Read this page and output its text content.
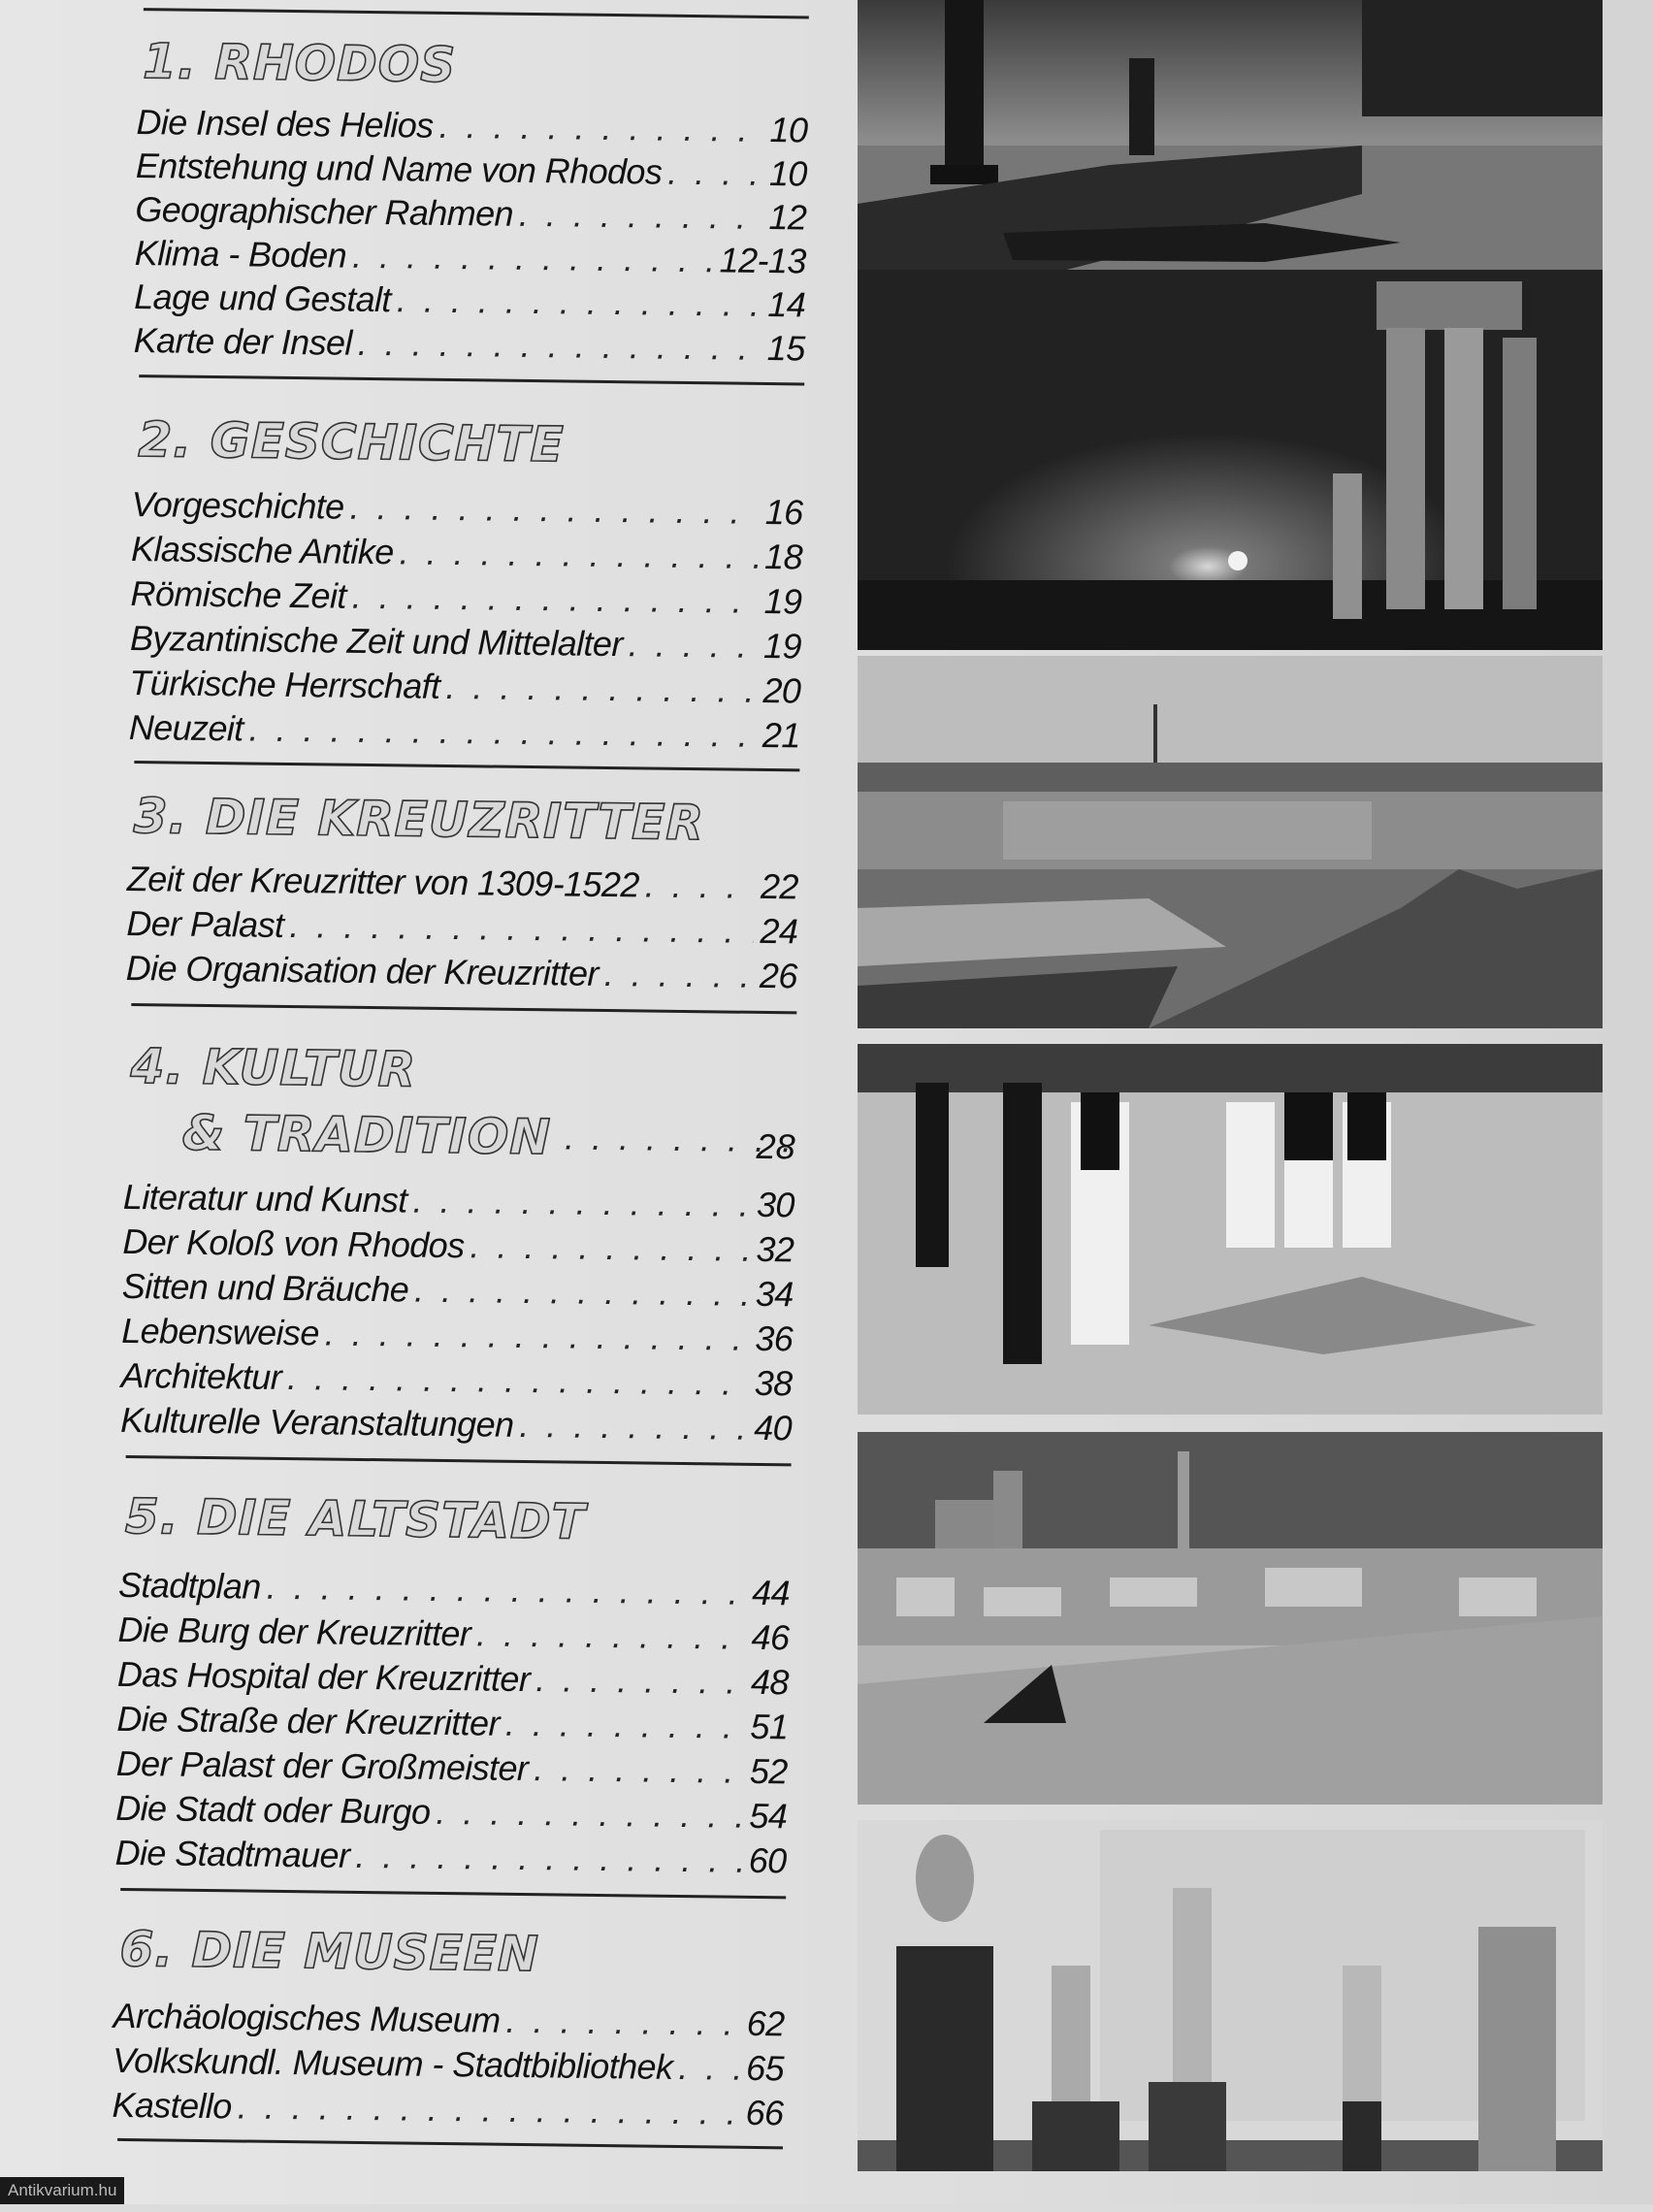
1. RHODOS
Die Insel des Helios . . .	10
Entstehung und Name von Rhodos . . .	10
Geographischer Rahmen . . .	12
Klima - Boden . . .	12-13
Lage und Gestalt . . .	14
Karte der Insel . . .	15
2. GESCHICHTE
Vorgeschichte . . .	16
Klassische Antike . . .	18
Römische Zeit . . .	19
Byzantinische Zeit und Mittelalter . . .	19
Türkische Herrschaft . . .	20
Neuzeit . . .	21
3. DIE KREUZRITTER
Zeit der Kreuzritter von 1309-1522 . . .	22
Der Palast . . .	24
Die Organisation der Kreuzritter . . .	26
4. KULTUR
& TRADITION . . .	28
Literatur und Kunst . . .	30
Der Koloß von Rhodos . . .	32
Sitten und Bräuche . . .	34
Lebensweise . . .	36
Architektur . . .	38
Kulturelle Veranstaltungen . . .	40
5. DIE ALTSTADT
Stadtplan . . .	44
Die Burg der Kreuzritter . . .	46
Das Hospital der Kreuzritter . . .	48
Die Straße der Kreuzritter . . .	51
Der Palast der Großmeister . . .	52
Die Stadt oder Burgo . . .	54
Die Stadtmauer . . .	60
6. DIE MUSEEN
Archäologisches Museum . . .	62
Volkskundl. Museum - Stadtbibliothek . . . 65
Kastello . . .	66
Antikvarium.hu
